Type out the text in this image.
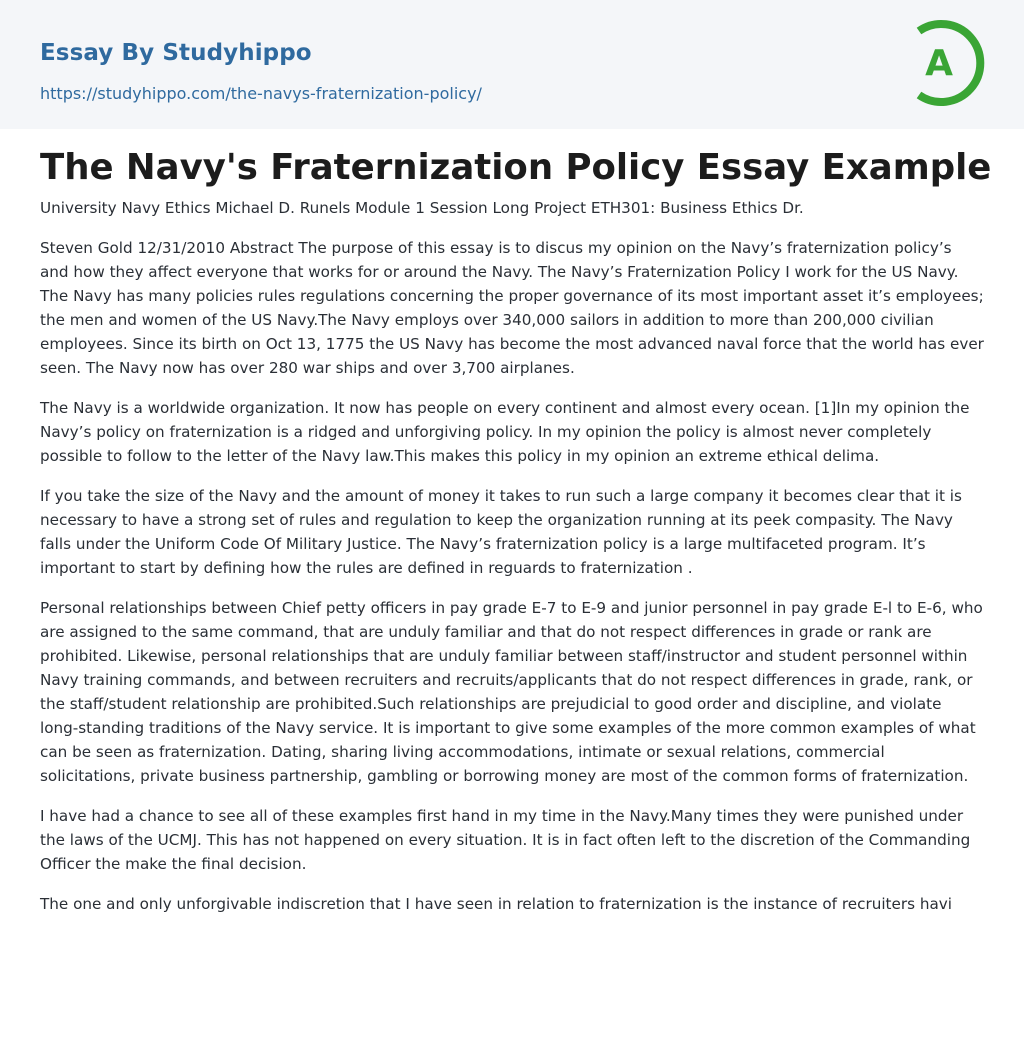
Essay By Studyhippo
https://studyhippo.com/the-navys-fraternization-policy/
A
The Navy's Fraternization Policy Essay Example
University Navy Ethics Michael D. Runels Module 1 Session Long Project ETH301: Business Ethics Dr.

Steven Gold 12/31/2010 Abstract The purpose of this essay is to discus my opinion on the Navy’s fraternization policy’s and how they affect everyone that works for or around the Navy. The Navy’s Fraternization Policy I work for the US Navy. The Navy has many policies rules regulations concerning the proper governance of its most important asset it’s employees; the men and women of the US Navy.The Navy employs over 340,000 sailors in addition to more than 200,000 civilian employees. Since its birth on Oct 13, 1775 the US Navy has become the most advanced naval force that the world has ever seen. The Navy now has over 280 war ships and over 3,700 airplanes.

The Navy is a worldwide organization. It now has people on every continent and almost every ocean. [1]In my opinion the Navy’s policy on fraternization is a ridged and unforgiving policy. In my opinion the policy is almost never completely possible to follow to the letter of the Navy law.This makes this policy in my opinion an extreme ethical delima.

If you take the size of the Navy and the amount of money it takes to run such a large company it becomes clear that it is necessary to have a strong set of rules and regulation to keep the organization running at its peek compasity. The Navy falls under the Uniform Code Of Military Justice. The Navy’s fraternization policy is a large multifaceted program. It’s important to start by defining how the rules are defined in reguards to fraternization .

Personal relationships between Chief petty officers in pay grade E-7 to E-9 and junior personnel in pay grade E-l to E-6, who are assigned to the same command, that are unduly familiar and that do not respect differences in grade or rank are prohibited. Likewise, personal relationships that are unduly familiar between staff/instructor and student personnel within Navy training commands, and between recruiters and recruits/applicants that do not respect differences in grade, rank, or the staff/student relationship are prohibited.Such relationships are prejudicial to good order and discipline, and violate long-standing traditions of the Navy service. It is important to give some examples of the more common examples of what can be seen as fraternization. Dating, sharing living accommodations, intimate or sexual relations, commercial solicitations, private business partnership, gambling or borrowing money are most of the common forms of fraternization.

I have had a chance to see all of these examples first hand in my time in the Navy.Many times they were punished under the laws of the UCMJ. This has not happened on every situation. It is in fact often left to the discretion of the Commanding Officer the make the final decision.

The one and only unforgivable indiscretion that I have seen in relation to fraternization is the instance of recruiters havi
